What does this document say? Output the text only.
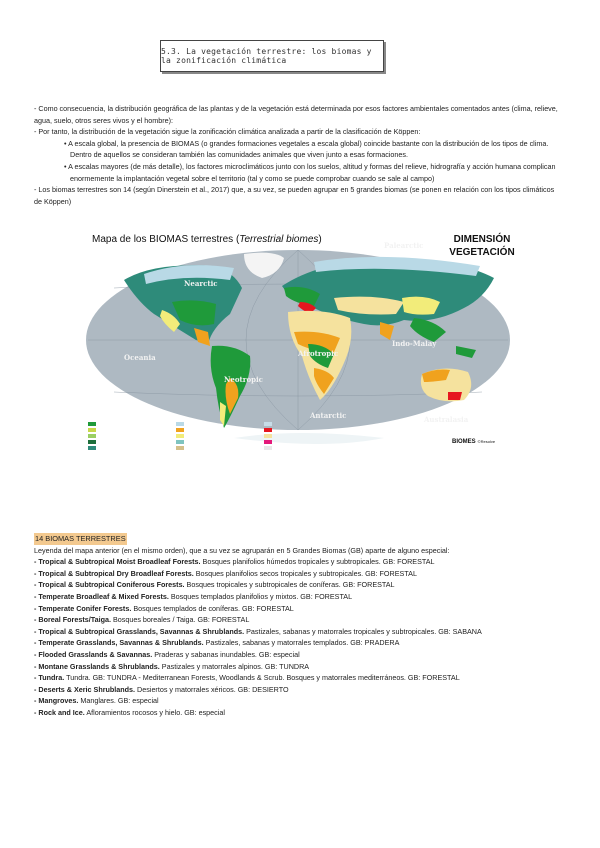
5.3. La vegetación terrestre: los biomas y la zonificación climática

- Como consecuencia, la distribución geográfica de las plantas y de la vegetación está determinada por esos factores ambientales comentados antes (clima, relieve, agua, suelo, otros seres vivos y el hombre):

- Por tanto, la distribución de la vegetación sigue la zonificación climática analizada a partir de la clasificación de Köppen:

• A escala global, la presencia de BIOMAS (o grandes formaciones vegetales a escala global) coincide bastante con la distribución de los tipos de clima. Dentro de aquellos se consideran también las comunidades animales que viven junto a esas formaciones.

• A escalas mayores (de más detalle), los factores microclimáticos junto con los suelos, altitud y formas del relieve, hidrografía y acción humana complican enormemente la implantación vegetal sobre el territorio (tal y como se puede comprobar cuando se sale al campo)

- Los biomas terrestres son 14 (según Dinerstein et al., 2017) que, a su vez, se pueden agrupar en 5 grandes biomas (se ponen en relación con los tipos climáticos de Köppen)

Mapa de los BIOMAS terrestres (Terrestrial biomes)	DIMENSIÓN
VEGETACIÓN
Nearctic
Palearctic
Oceania
Neotropic
Afrotropic
Indo-Malay
Australasia
Antarctic
BIOMES ©Resolve
14 BIOMAS TERRESTRES

Leyenda del mapa anterior (en el mismo orden), que a su vez se agruparán en 5 Grandes Biomas (GB) aparte de alguno especial:

- Tropical & Subtropical Moist Broadleaf Forests. Bosques planifolios húmedos tropicales y subtropicales. GB: FORESTAL
- Tropical & Subtropical Dry Broadleaf Forests. Bosques planifolios secos tropicales y subtropicales. GB: FORESTAL
- Tropical & Subtropical Coniferous Forests. Bosques tropicales y subtropicales de coníferas. GB: FORESTAL
- Temperate Broadleaf & Mixed Forests. Bosques templados planifolios y mixtos. GB: FORESTAL
- Temperate Conifer Forests. Bosques templados de coníferas. GB: FORESTAL
- Boreal Forests/Taiga. Bosques boreales / Taiga. GB: FORESTAL
- Tropical & Subtropical Grasslands, Savannas & Shrublands. Pastizales, sabanas y matorrales tropicales y subtropicales. GB: SABANA
- Temperate Grasslands, Savannas & Shrublands. Pastizales, sabanas y matorrales templados. GB: PRADERA
- Flooded Grasslands & Savannas. Praderas y sabanas inundables. GB: especial
- Montane Grasslands & Shrublands. Pastizales y matorrales alpinos. GB: TUNDRA
- Tundra. Tundra. GB: TUNDRA - Mediterranean Forests, Woodlands & Scrub. Bosques y matorrales mediterráneos. GB: FORESTAL
- Deserts & Xeric Shrublands. Desiertos y matorrales xéricos. GB: DESIERTO
- Mangroves. Manglares. GB: especial
- Rock and Ice. Afloramientos rocosos y hielo. GB: especial
